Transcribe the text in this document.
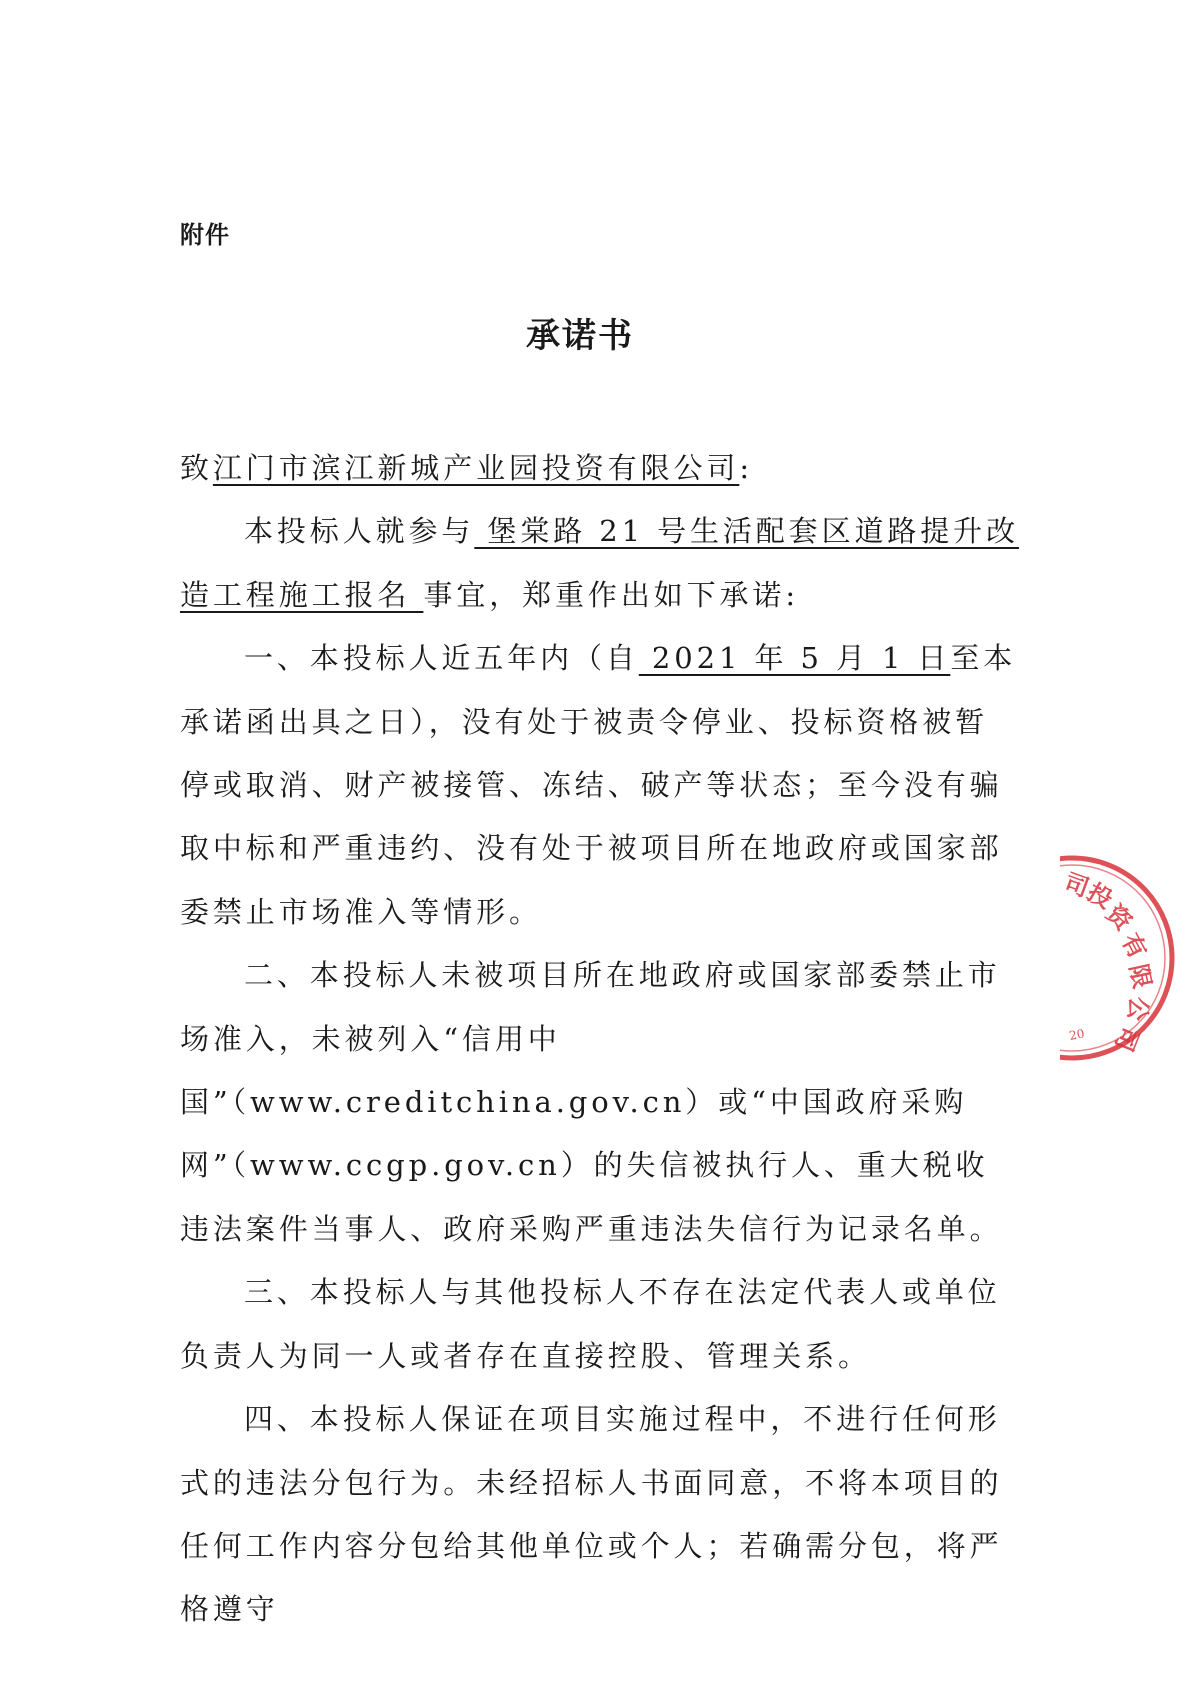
附件
承诺书

致江门市滨江新城产业园投资有限公司:

本投标人就参与 堡棠路 21 号生活配套区道路提升改造工程施工报名 事宜，郑重作出如下承诺:

一、本投标人近五年内（自 2021 年 5 月 1 日至本承诺函出具之日），没有处于被责令停业、投标资格被暂停或取消、财产被接管、冻结、破产等状态；至今没有骗取中标和严重违约、没有处于被项目所在地政府或国家部委禁止市场准入等情形。

二、本投标人未被项目所在地政府或国家部委禁止市场准入，未被列入“信用中国”（www.creditchina.gov.cn）或“中国政府采购网”（www.ccgp.gov.cn）的失信被执行人、重大税收违法案件当事人、政府采购严重违法失信行为记录名单。

三、本投标人与其他投标人不存在法定代表人或单位负责人为同一人或者存在直接控股、管理关系。

四、本投标人保证在项目实施过程中，不进行任何形式的违法分包行为。未经招标人书面同意，不将本项目的任何工作内容分包给其他单位或个人；若确需分包，将严格遵守

司
投
资
有
限
公
司
20
